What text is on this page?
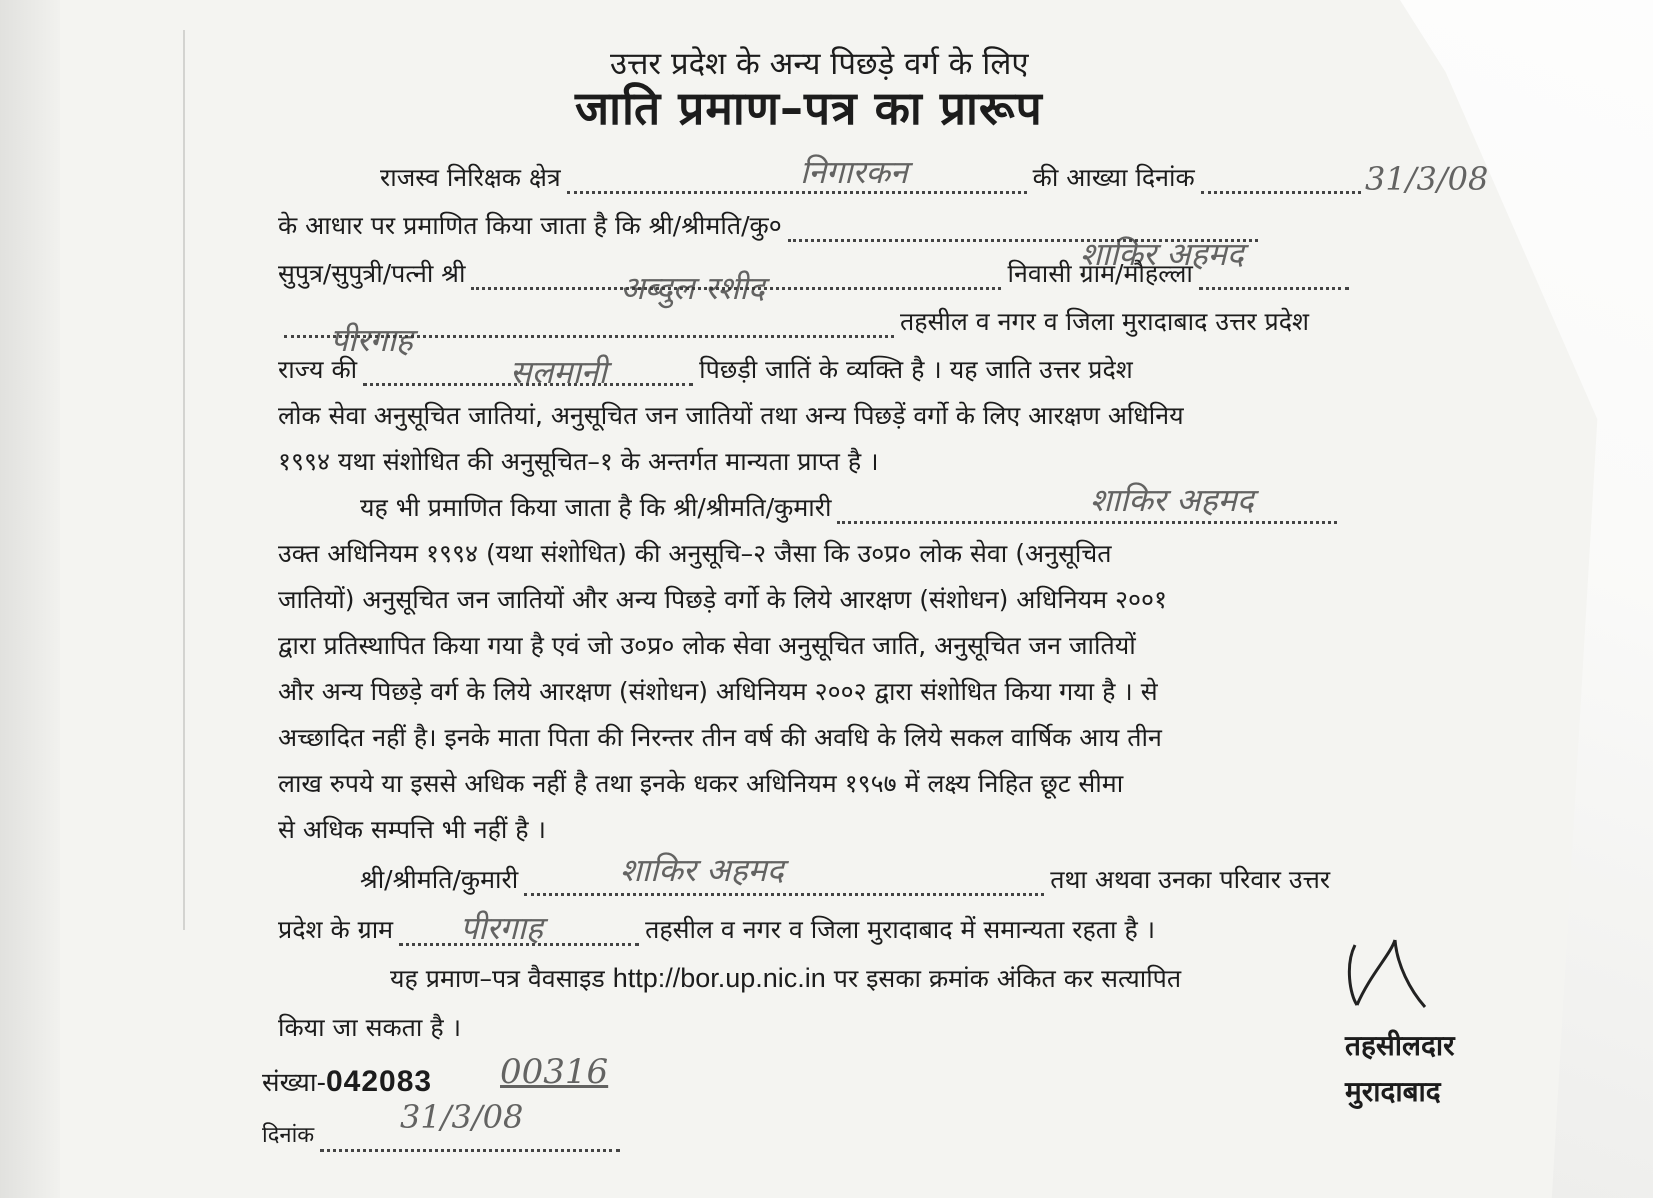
उत्तर प्रदेश के अन्य पिछड़े वर्ग के लिए
जाति प्रमाण–पत्र का प्रारूप
राजस्व निरिक्षक क्षेत्र	की आख्या दिनांक
निगारकन	31/3/08
के आधार पर प्रमाणित किया जाता है कि श्री/श्रीमति/कु०
शाकिर अहमद
सुपुत्र/सुपुत्री/पत्नी श्री	निवासी ग्राम/मौहल्ला
अब्दुल रशीद
तहसील व नगर व जिला मुरादाबाद उत्तर प्रदेश
पीरगाह
राज्य की	पिछड़ी जातिं के व्यक्ति है । यह जाति उत्तर प्रदेश
सलमानी
लोक सेवा अनुसूचित जातियां, अनुसूचित जन जातियों तथा अन्य पिछड़ें वर्गो के लिए आरक्षण अधिनिय
१९९४ यथा संशोधित की अनुसूचित–१ के अन्तर्गत मान्यता प्राप्त है ।
यह भी प्रमाणित किया जाता है कि श्री/श्रीमति/कुमारी	शाकिर अहमद
उक्त अधिनियम १९९४ (यथा संशोधित) की अनुसूचि–२ जैसा कि उ०प्र० लोक सेवा (अनुसूचित
जातियों) अनुसूचित जन जातियों और अन्य पिछड़े वर्गो के लिये आरक्षण (संशोधन) अधिनियम २००१
द्वारा प्रतिस्थापित किया गया है एवं जो उ०प्र० लोक सेवा अनुसूचित जाति, अनुसूचित जन जातियों
और अन्य पिछड़े वर्ग के लिये आरक्षण (संशोधन) अधिनियम २००२ द्वारा संशोधित किया गया है । से
अच्छादित नहीं है। इनके माता पिता की निरन्तर तीन वर्ष की अवधि के लिये सकल वार्षिक आय तीन
लाख रुपये या इससे अधिक नहीं है तथा इनके धकर अधिनियम १९५७ में लक्ष्य निहित छूट सीमा
से अधिक सम्पत्ति भी नहीं है ।
श्री/श्रीमति/कुमारी	तथा अथवा उनका परिवार उत्तर
शाकिर अहमद
प्रदेश के ग्राम	तहसील व नगर व जिला मुरादाबाद में समान्यता रहता है ।
पीरगाह
यह प्रमाण–पत्र वैवसाइड http://bor.up.nic.in पर इसका क्रमांक अंकित कर सत्यापित
किया जा सकता है ।
संख्या-042083 00316
दिनांक	31/3/08
तहसीलदार
मुरादाबाद
